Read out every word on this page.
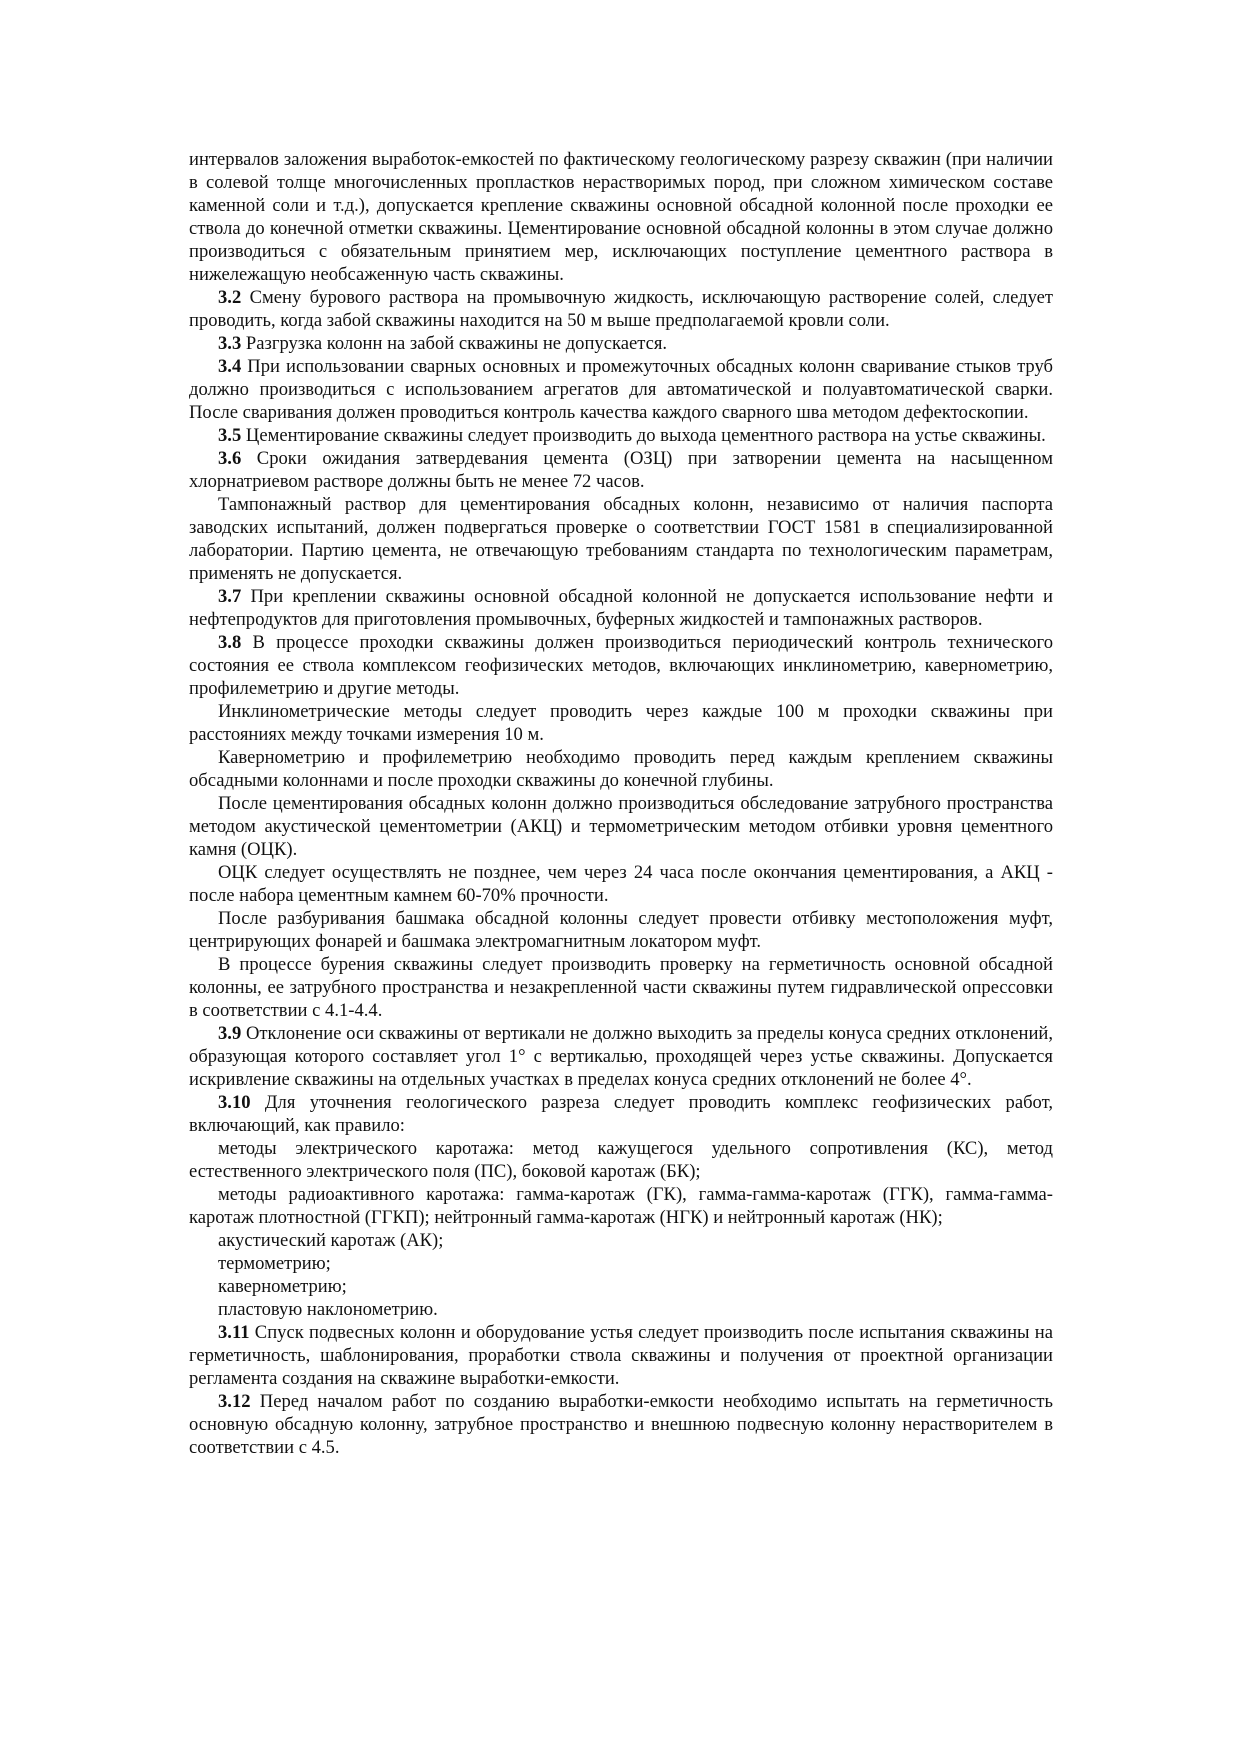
интервалов заложения выработок-емкостей по фактическому геологическому разрезу скважин (при наличии в солевой толще многочисленных пропластков нерастворимых пород, при сложном химическом составе каменной соли и т.д.), допускается крепление скважины основной обсадной колонной после проходки ее ствола до конечной отметки скважины. Цементирование основной обсадной колонны в этом случае должно производиться с обязательным принятием мер, исключающих поступление цементного раствора в нижележащую необсаженную часть скважины.

3.2 Смену бурового раствора на промывочную жидкость, исключающую растворение солей, следует проводить, когда забой скважины находится на 50 м выше предполагаемой кровли соли.

3.3 Разгрузка колонн на забой скважины не допускается.

3.4 При использовании сварных основных и промежуточных обсадных колонн сваривание стыков труб должно производиться с использованием агрегатов для автоматической и полуавтоматической сварки. После сваривания должен проводиться контроль качества каждого сварного шва методом дефектоскопии.

3.5 Цементирование скважины следует производить до выхода цементного раствора на устье скважины.

3.6 Сроки ожидания затвердевания цемента (ОЗЦ) при затворении цемента на насыщенном хлорнатриевом растворе должны быть не менее 72 часов.

Тампонажный раствор для цементирования обсадных колонн, независимо от наличия паспорта заводских испытаний, должен подвергаться проверке о соответствии ГОСТ 1581 в специализированной лаборатории. Партию цемента, не отвечающую требованиям стандарта по технологическим параметрам, применять не допускается.

3.7 При креплении скважины основной обсадной колонной не допускается использование нефти и нефтепродуктов для приготовления промывочных, буферных жидкостей и тампонажных растворов.

3.8 В процессе проходки скважины должен производиться периодический контроль технического состояния ее ствола комплексом геофизических методов, включающих инклинометрию, кавернометрию, профилеметрию и другие методы.

Инклинометрические методы следует проводить через каждые 100 м проходки скважины при расстояниях между точками измерения 10 м.

Кавернометрию и профилеметрию необходимо проводить перед каждым креплением скважины обсадными колоннами и после проходки скважины до конечной глубины.

После цементирования обсадных колонн должно производиться обследование затрубного пространства методом акустической цементометрии (АКЦ) и термометрическим методом отбивки уровня цементного камня (ОЦК).

ОЦК следует осуществлять не позднее, чем через 24 часа после окончания цементирования, а АКЦ - после набора цементным камнем 60-70% прочности.

После разбуривания башмака обсадной колонны следует провести отбивку местоположения муфт, центрирующих фонарей и башмака электромагнитным локатором муфт.

В процессе бурения скважины следует производить проверку на герметичность основной обсадной колонны, ее затрубного пространства и незакрепленной части скважины путем гидравлической опрессовки в соответствии с 4.1-4.4.

3.9 Отклонение оси скважины от вертикали не должно выходить за пределы конуса средних отклонений, образующая которого составляет угол 1° с вертикалью, проходящей через устье скважины. Допускается искривление скважины на отдельных участках в пределах конуса средних отклонений не более 4°.

3.10 Для уточнения геологического разреза следует проводить комплекс геофизических работ, включающий, как правило:

методы электрического каротажа: метод кажущегося удельного сопротивления (КС), метод естественного электрического поля (ПС), боковой каротаж (БК);

методы радиоактивного каротажа: гамма-каротаж (ГК), гамма-гамма-каротаж (ГГК), гамма-гамма-каротаж плотностной (ГГКП); нейтронный гамма-каротаж (НГК) и нейтронный каротаж (НК);

акустический каротаж (АК);

термометрию;

кавернометрию;

пластовую наклонометрию.

3.11 Спуск подвесных колонн и оборудование устья следует производить после испытания скважины на герметичность, шаблонирования, проработки ствола скважины и получения от проектной организации регламента создания на скважине выработки-емкости.

3.12 Перед началом работ по созданию выработки-емкости необходимо испытать на герметичность основную обсадную колонну, затрубное пространство и внешнюю подвесную колонну нерастворителем в соответствии с 4.5.
